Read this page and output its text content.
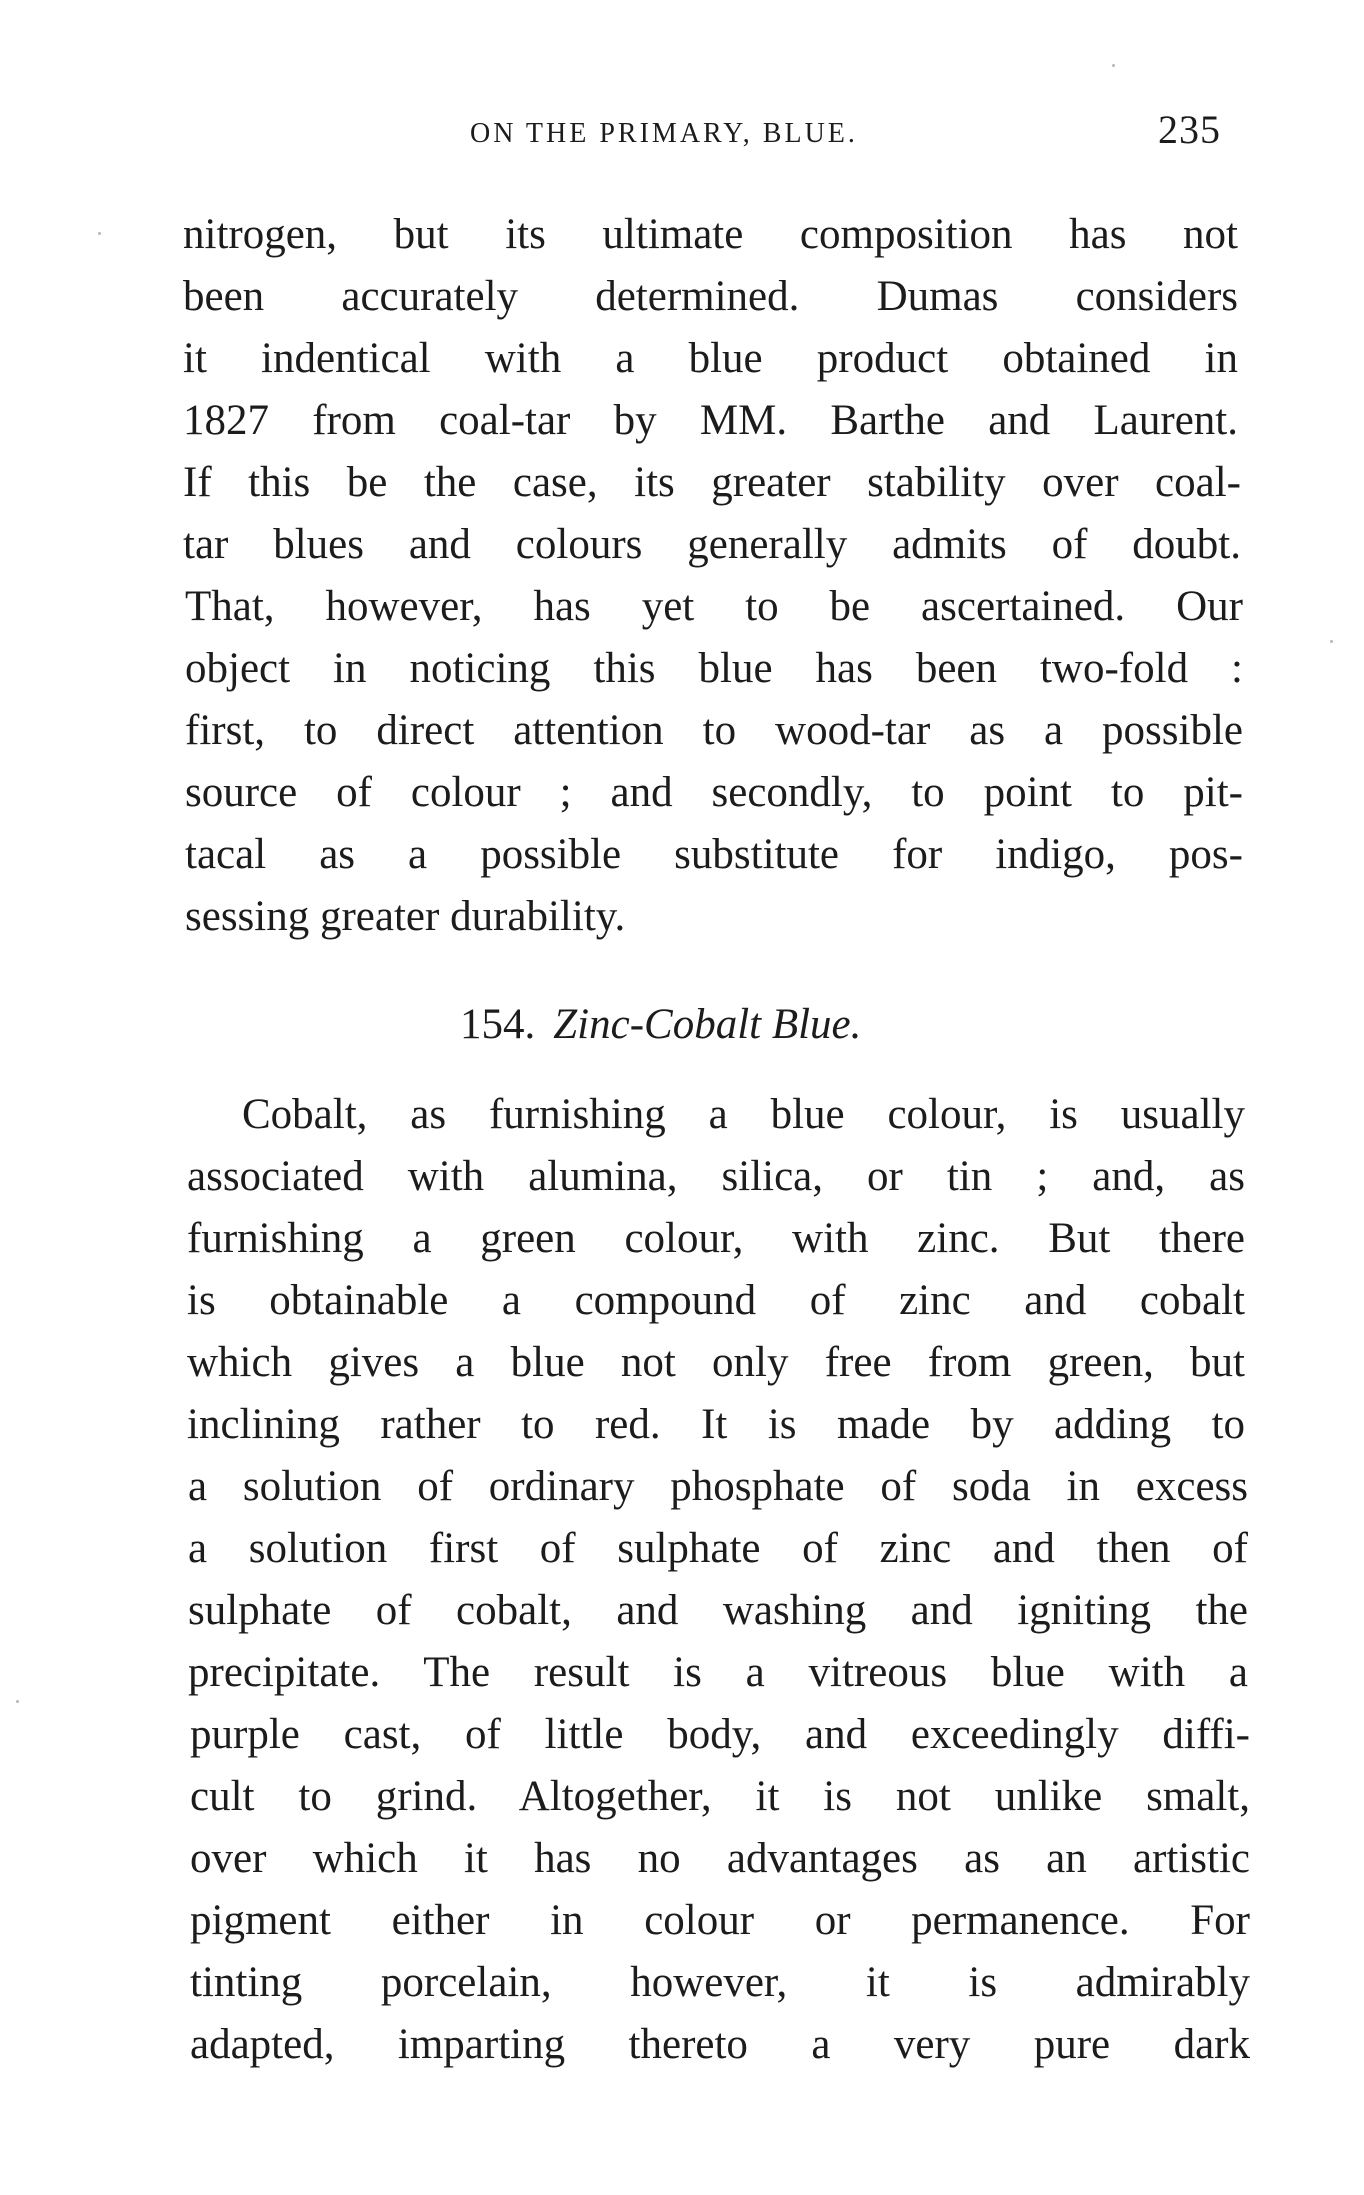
ON THE PRIMARY, BLUE.	235
nitrogen, but its ultimate composition has not
been accurately determined. Dumas considers
it indentical with a blue product obtained in
1827 from coal-tar by MM. Barthe and Laurent.
If this be the case, its greater stability over coal-
tar blues and colours generally admits of doubt.
That, however, has yet to be ascertained. Our
object in noticing this blue has been two-fold :
first, to direct attention to wood-tar as a possible
source of colour ; and secondly, to point to pit-
tacal as a possible substitute for indigo, pos-
sessing greater durability.
154. Zinc-Cobalt Blue.
Cobalt, as furnishing a blue colour, is usually
associated with alumina, silica, or tin ; and, as
furnishing a green colour, with zinc. But there
is obtainable a compound of zinc and cobalt
which gives a blue not only free from green, but
inclining rather to red. It is made by adding to
a solution of ordinary phosphate of soda in excess
a solution first of sulphate of zinc and then of
sulphate of cobalt, and washing and igniting the
precipitate. The result is a vitreous blue with a
purple cast, of little body, and exceedingly diffi-
cult to grind. Altogether, it is not unlike smalt,
over which it has no advantages as an artistic
pigment either in colour or permanence. For
tinting porcelain, however, it is admirably
adapted, imparting thereto a very pure dark
